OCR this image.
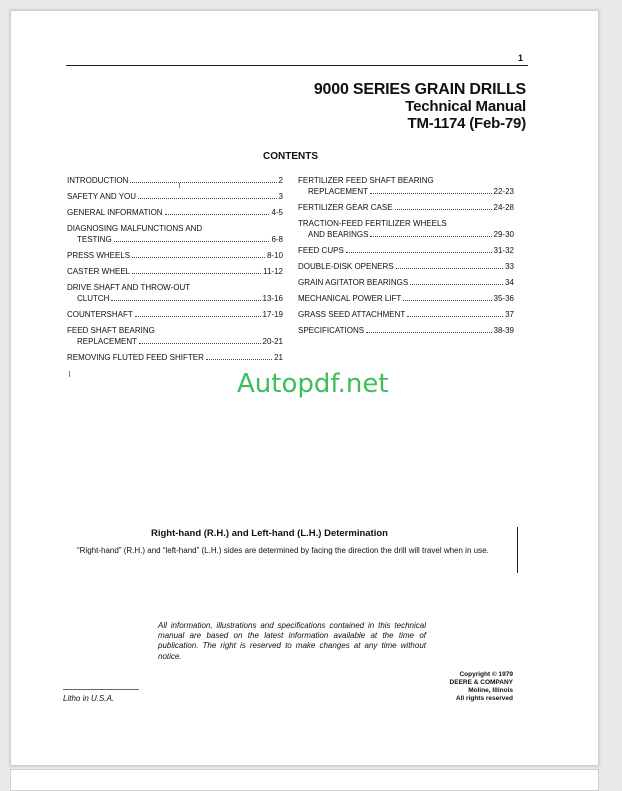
1
9000 SERIES GRAIN DRILLS
Technical Manual
TM-1174 (Feb-79)
CONTENTS
INTRODUCTION	2
SAFETY AND YOU	3
GENERAL INFORMATION	4-5
DIAGNOSING MALFUNCTIONS AND
TESTING	6-8
PRESS WHEELS	8-10
CASTER WHEEL	11-12
DRIVE SHAFT AND THROW-OUT
CLUTCH	13-16
COUNTERSHAFT	17-19
FEED SHAFT BEARING
REPLACEMENT	20-21
REMOVING FLUTED FEED SHIFTER	21
FERTILIZER FEED SHAFT BEARING
REPLACEMENT	22-23
FERTILIZER GEAR CASE	24-28
TRACTION-FEED FERTILIZER WHEELS
AND BEARINGS	29-30
FEED CUPS	31-32
DOUBLE-DISK OPENERS	33
GRAIN AGITATOR BEARINGS	34
MECHANICAL POWER LIFT	35-36
GRASS SEED ATTACHMENT	37
SPECIFICATIONS	38-39
Autopdf.net
Right-hand (R.H.) and Left-hand (L.H.) Determination
“Right-hand” (R.H.) and “left-hand” (L.H.) sides are determined by facing the direction the drill will travel when in use.
All information, illustrations and specifications contained in this technical manual are based on the latest information available at the time of publication. The right is reserved to make changes at any time without notice.
Copyright © 1979
DEERE & COMPANY
Moline, Illinois
All rights reserved
Litho in U.S.A.
